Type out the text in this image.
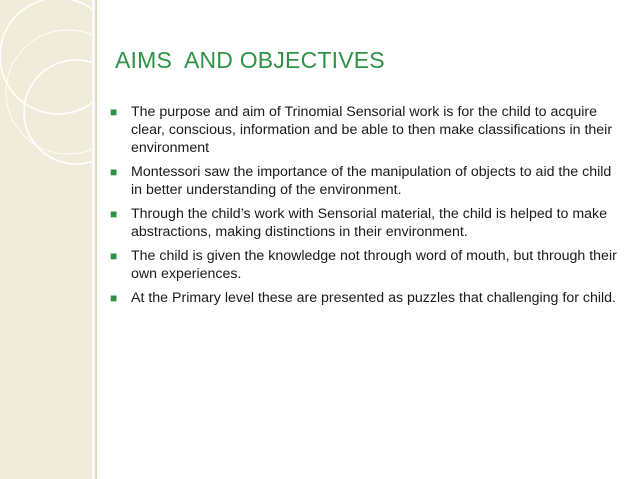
AIMS  AND OBJECTIVES
■ The purpose and aim of Trinomial Sensorial work is for the child to acquire clear, conscious, information and be able to then make classifications in their environment
■ Montessori saw the importance of the manipulation of objects to aid the child in better understanding of the environment.
■ Through the child’s work with Sensorial material, the child is helped to make abstractions, making distinctions in their environment.
■ The child is given the knowledge not through word of mouth, but through their own experiences.
■ At the Primary level these are presented as puzzles that challenging for child.
